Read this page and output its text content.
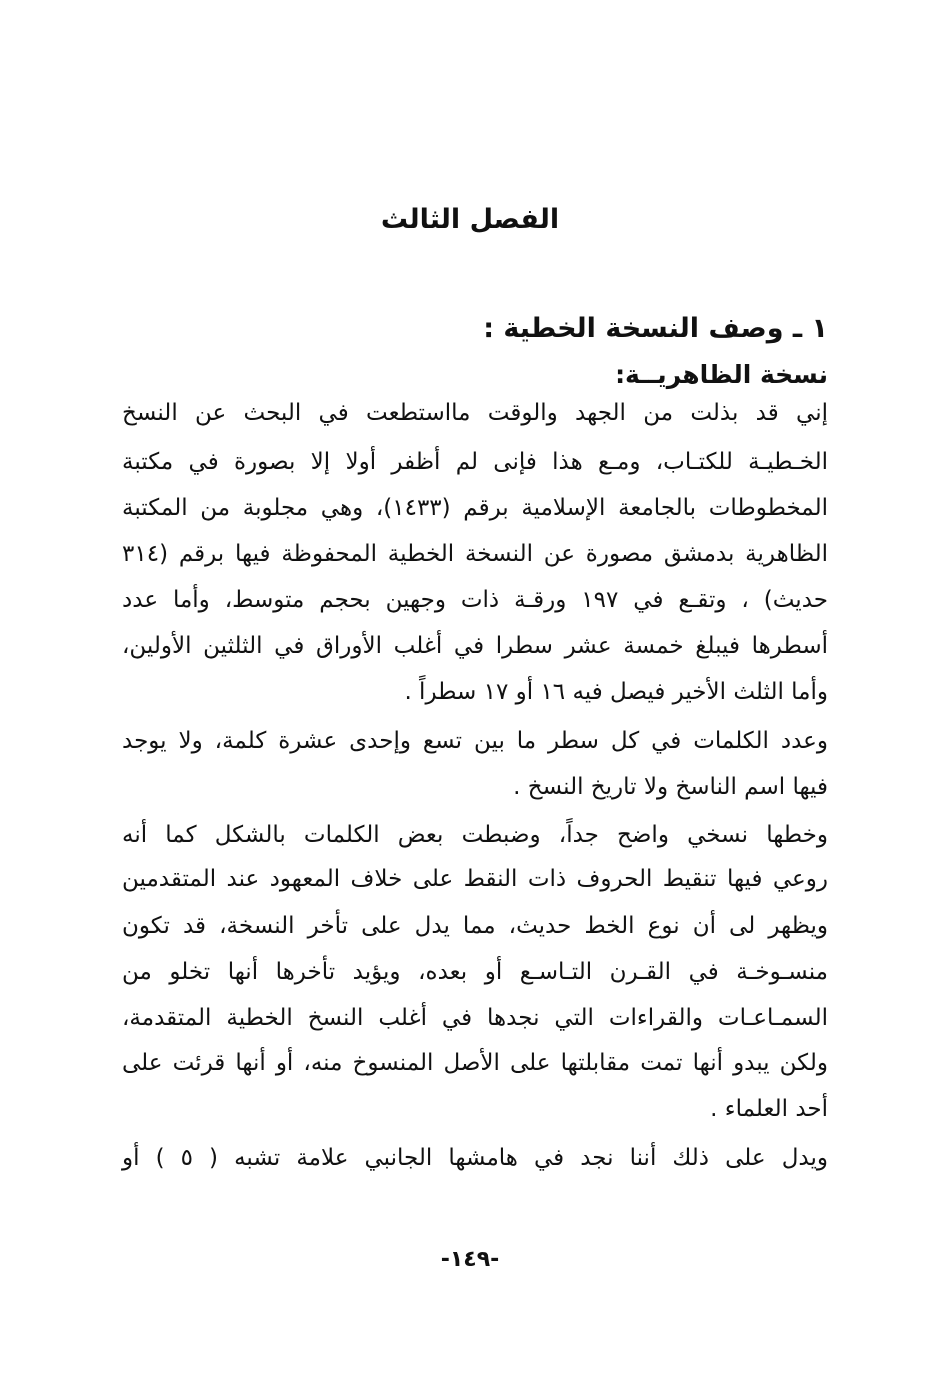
الفصل الثالث
١ ـ وصف النسخة الخطية :
نسخة الظاهريــة:
إني قد بذلت من الجهد والوقت مااستطعت في البحث عن النسخ
الخـطيـة للكتـاب، ومـع هذا فإنى لم أظفر أولا إلا بصورة في مكتبة
المخطوطات بالجامعة الإسلامية برقم (١٤٣٣)، وهي مجلوبة من المكتبة
الظاهرية بدمشق مصورة عن النسخة الخطية المحفوظة فيها برقم (٣١٤
حديث) ، وتقـع في ١٩٧ ورقـة ذات وجهين بحجم متوسط، وأما عدد
أسطرها فيبلغ خمسة عشر سطرا في أغلب الأوراق في الثلثين الأولين،
وأما الثلث الأخير فيصل فيه ١٦ أو ١٧ سطراً .
وعدد الكلمات في كل سطر ما بين تسع وإحدى عشرة كلمة، ولا يوجد
فيها اسم الناسخ ولا تاريخ النسخ .
وخطها نسخي واضح جداً، وضبطت بعض الكلمات بالشكل كما أنه
روعي فيها تنقيط الحروف ذات النقط على خلاف المعهود عند المتقدمين
ويظهر لى أن نوع الخط حديث، مما يدل على تأخر النسخة، قد تكون
منسـوخـة في القـرن التـاسـع أو بعده، ويؤيد تأخرها أنها تخلو من
السمـاعـات والقراءات التي نجدها في أغلب النسخ الخطية المتقدمة،
ولكن يبدو أنها تمت مقابلتها على الأصل المنسوخ منه، أو أنها قرئت على
أحد العلماء .
ويدل على ذلك أننا نجد في هامشها الجانبي علامة تشبه ( ٥ ) أو
-١٤٩-
